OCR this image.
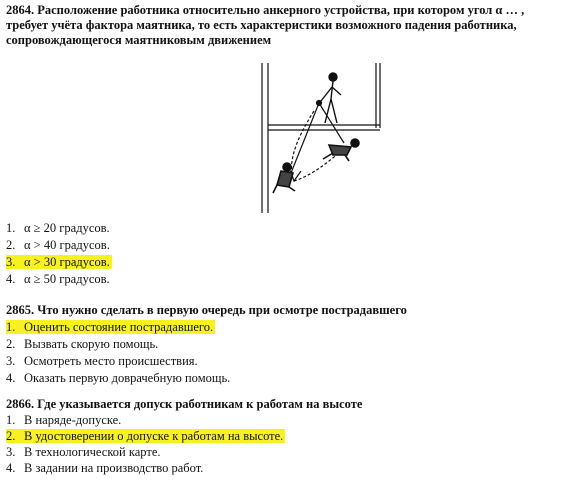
2864. Расположение работника относительно анкерного устройства, при котором угол α … ,
требует учёта фактора маятника, то есть характеристики возможного падения работника,
сопровождающегося маятниковым движением
1. α ≥ 20 градусов.
2. α > 40 градусов.
3. α > 30 градусов.
4. α ≥ 50 градусов.
2865. Что нужно сделать в первую очередь при осмотре пострадавшего
1. Оценить состояние пострадавшего.
2. Вызвать скорую помощь.
3. Осмотреть место происшествия.
4. Оказать первую доврачебную помощь.
2866. Где указывается допуск работникам к работам на высоте
1. В наряде-допуске.
2. В удостоверении о допуске к работам на высоте.
3. В технологической карте.
4. В задании на производство работ.
